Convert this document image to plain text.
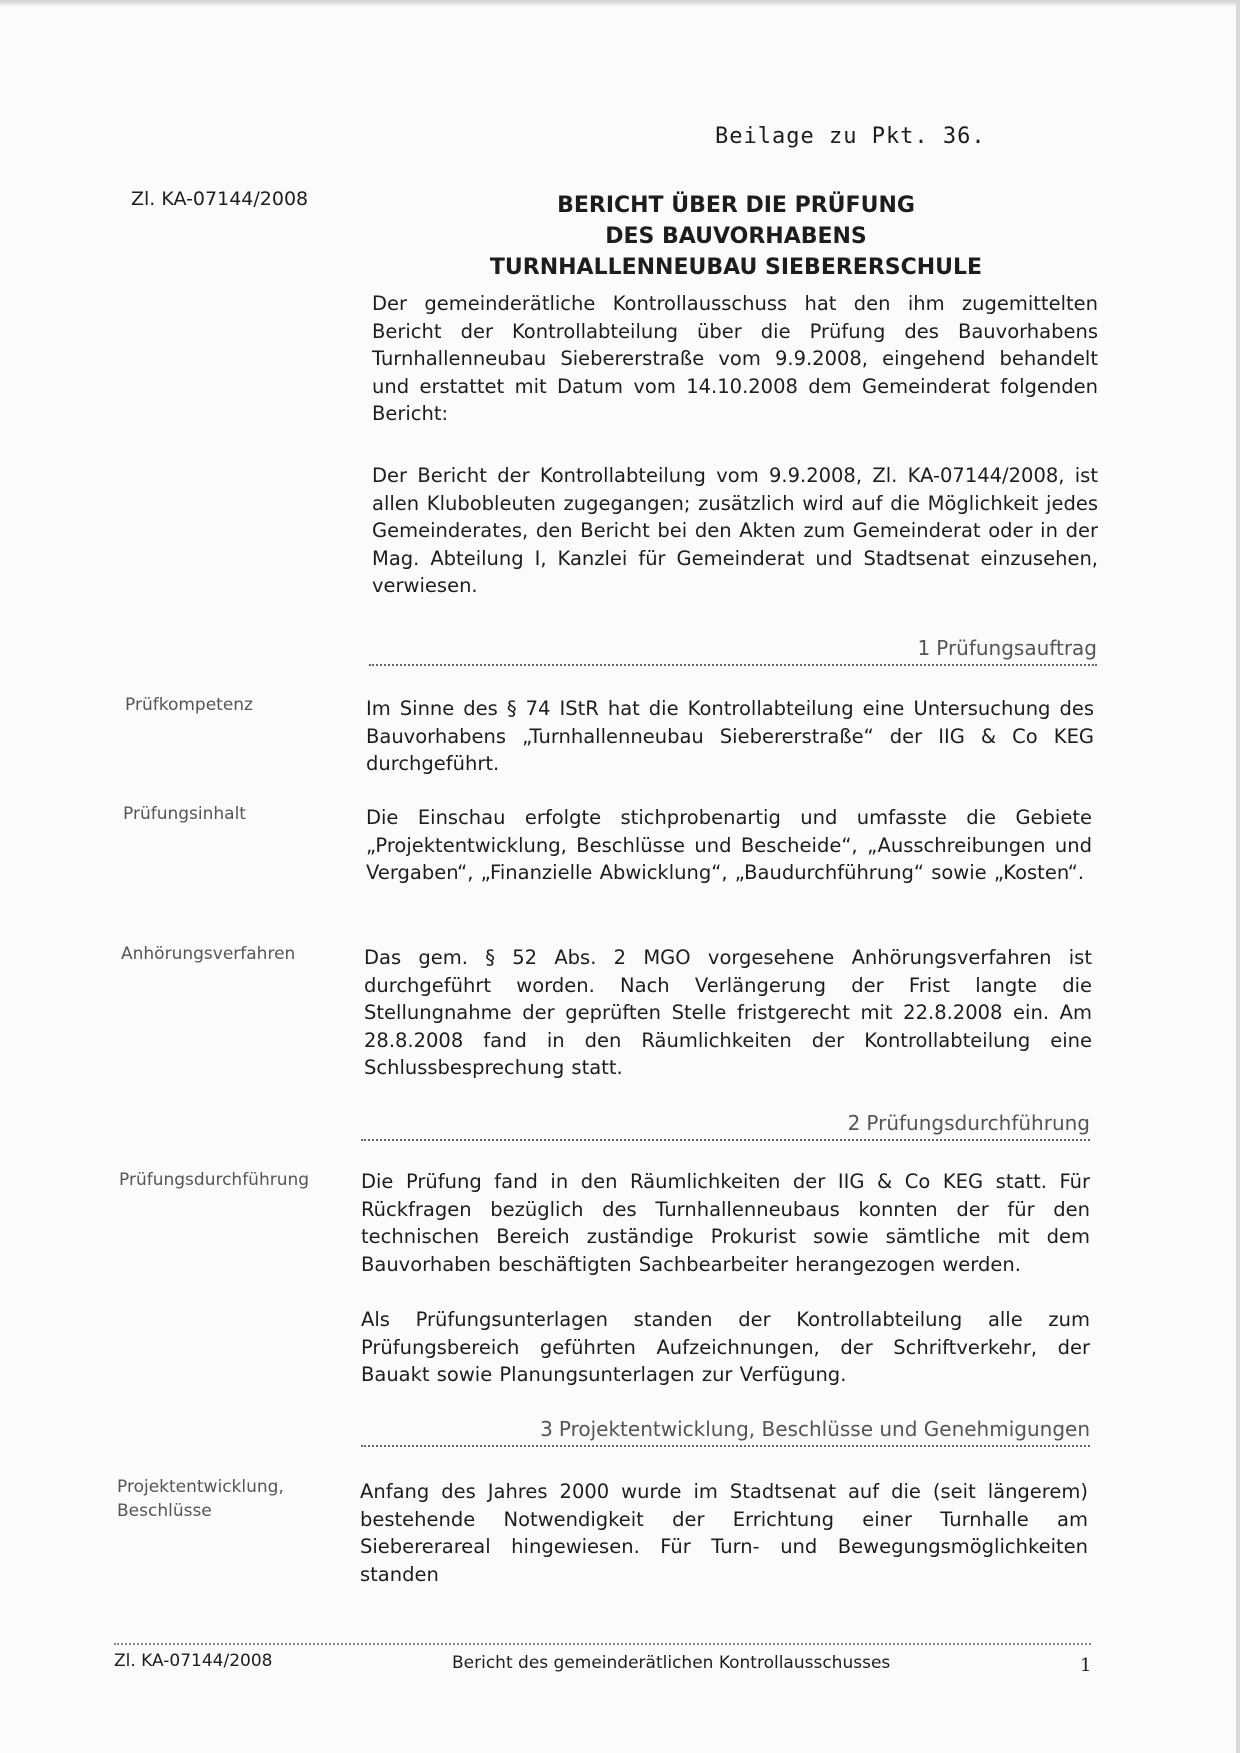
Beilage zu Pkt. 36.
Zl. KA-07144/2008	BERICHT ÜBER DIE PRÜFUNG
DES BAUVORHABENS
TURNHALLENNEUBAU SIEBERERSCHULE

Der gemeinderätliche Kontrollausschuss hat den ihm zugemittelten Bericht der Kontrollabteilung über die Prüfung des Bauvorhabens Turnhallenneubau Siebererstraße vom 9.9.2008, eingehend behandelt und erstattet mit Datum vom 14.10.2008 dem Gemeinderat folgenden Bericht:

Der Bericht der Kontrollabteilung vom 9.9.2008, Zl. KA-07144/2008, ist allen Klubobleuten zugegangen; zusätzlich wird auf die Möglichkeit jedes Gemeinderates, den Bericht bei den Akten zum Gemeinderat oder in der Mag. Abteilung I, Kanzlei für Gemeinderat und Stadtsenat einzusehen, verwiesen.

1 Prüfungsauftrag
Prüfkompetenz	Im Sinne des § 74 IStR hat die Kontrollabteilung eine Untersuchung des Bauvorhabens „Turnhallenneubau Siebererstraße“ der IIG & Co KEG durchgeführt.

Prüfungsinhalt	Die Einschau erfolgte stichprobenartig und umfasste die Gebiete „Projektentwicklung, Beschlüsse und Bescheide“, „Ausschreibungen und Vergaben“, „Finanzielle Abwicklung“, „Baudurchführung“ sowie „Kosten“.

Anhörungsverfahren	Das gem. § 52 Abs. 2 MGO vorgesehene Anhörungsverfahren ist durchgeführt worden. Nach Verlängerung der Frist langte die Stellungnahme der geprüften Stelle fristgerecht mit 22.8.2008 ein. Am 28.8.2008 fand in den Räumlichkeiten der Kontrollabteilung eine Schlussbesprechung statt.

2 Prüfungsdurchführung
Prüfungsdurchführung	Die Prüfung fand in den Räumlichkeiten der IIG & Co KEG statt. Für Rückfragen bezüglich des Turnhallenneubaus konnten der für den technischen Bereich zuständige Prokurist sowie sämtliche mit dem Bauvorhaben beschäftigten Sachbearbeiter herangezogen werden.

Als Prüfungsunterlagen standen der Kontrollabteilung alle zum Prüfungsbereich geführten Aufzeichnungen, der Schriftverkehr, der Bauakt sowie Planungsunterlagen zur Verfügung.

3 Projektentwicklung, Beschlüsse und Genehmigungen
Projektentwicklung, Beschlüsse

Anfang des Jahres 2000 wurde im Stadtsenat auf die (seit längerem) bestehende Notwendigkeit der Errichtung einer Turnhalle am Siebererareal hingewiesen. Für Turn- und Bewegungsmöglichkeiten standen

Zl. KA-07144/2008	Bericht des gemeinderätlichen Kontrollausschusses	1
